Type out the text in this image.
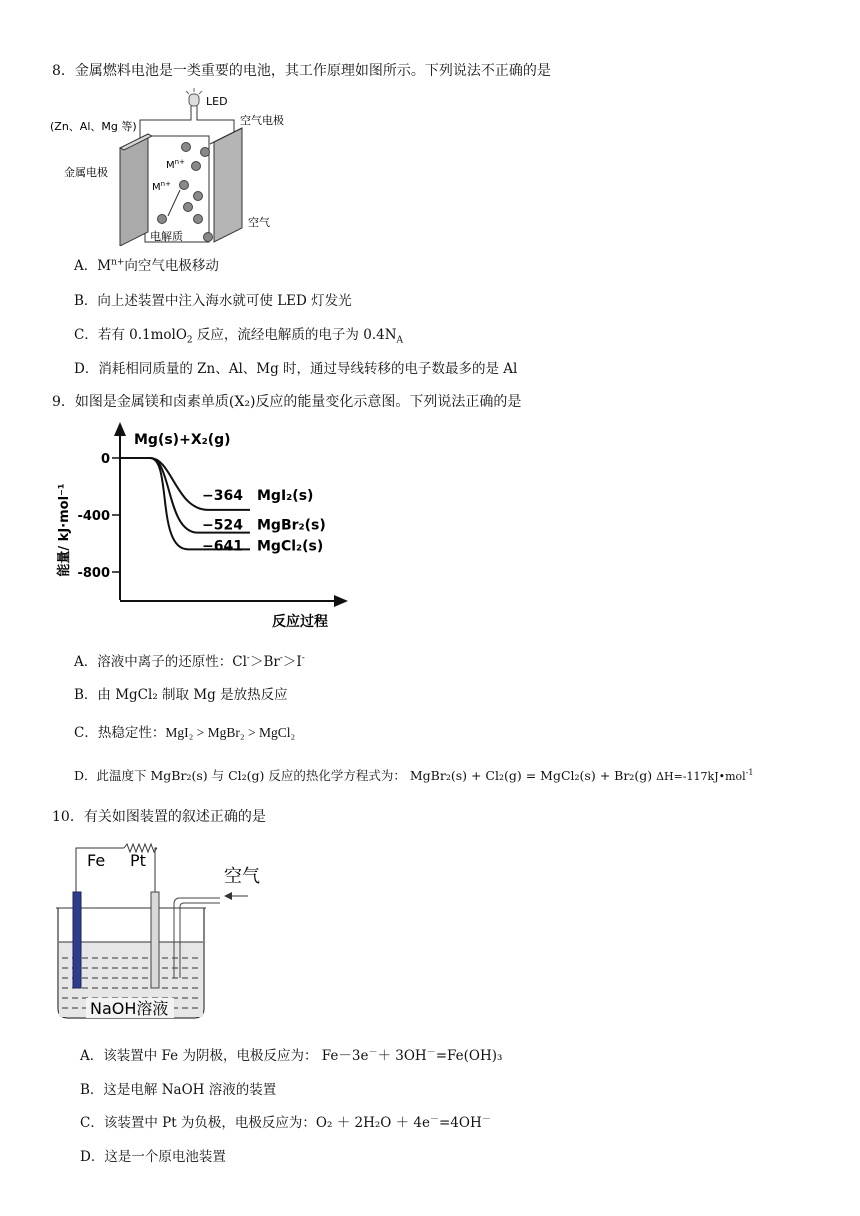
8．金属燃料电池是一类重要的电池，其工作原理如图所示。下列说法不正确的是
LED
(Zn、Al、Mg 等)	空气电极
金属电极
空气
$M^{n+}$
$M^{n+}$
电解质
A．$M^{n+}$向空气电极移动
B．向上述装置中注入海水就可使 LED 灯发光
C．若有 0.1molO$_2$ 反应，流经电解质的电子为 $0.4N_A$
D．消耗相同质量的 Zn、Al、Mg 时，通过导线转移的电子数最多的是 Al
9．如图是金属镁和卤素单质(X₂)反应的能量变化示意图。下列说法正确的是
Mg(s)+X₂(g)
反应过程
能量/ kJ·mol⁻¹
0
-400
-800
−364 MgI₂(s)
−524 MgBr₂(s)
−641 MgCl₂(s)
A．溶液中离子的还原性：Cl-＞Br-＞I-
B．由 MgCl₂ 制取 Mg 是放热反应
C．热稳定性：MgI₂ > MgBr₂ > MgCl₂
D．此温度下 MgBr₂(s) 与 Cl₂(g) 反应的热化学方程式为： MgBr₂(s) + Cl₂(g) = MgCl₂(s) + Br₂(g) ΔH=-117kJ•mol$^{-1}$
10．有关如图装置的叙述正确的是
Fe Pt
空气
NaOH溶液
A．该装置中 Fe 为阴极，电极反应为： Fe－3e－＋ 3OH－=Fe(OH)₃
B．这是电解 NaOH 溶液的装置
C．该装置中 Pt 为负极，电极反应为：O₂ ＋ 2H₂O ＋ 4e－=4OH－
D．这是一个原电池装置
